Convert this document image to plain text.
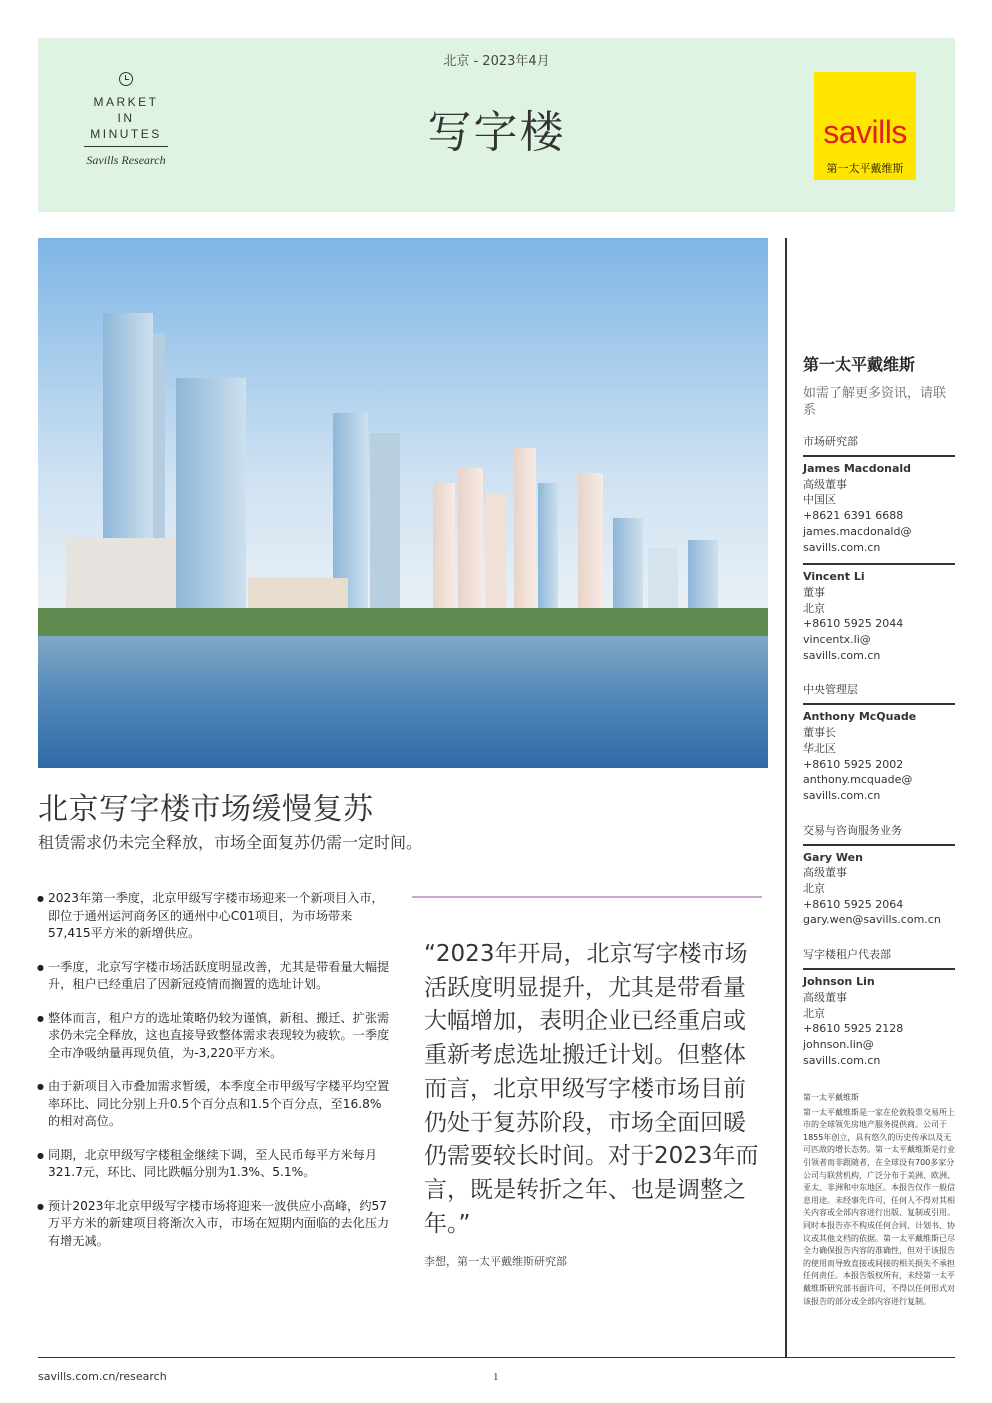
MARKET
IN
MINUTES
Savills Research
北京 - 2023年4月
写字楼	savills
第一太平戴维斯
北京写字楼市场缓慢复苏
租赁需求仍未完全释放，市场全面复苏仍需一定时间。
● 2023年第一季度，北京甲级写字楼市场迎来一个新项目入市，即位于通州运河商务区的通州中心C01项目，为市场带来57,415平方米的新增供应。
● 一季度，北京写字楼市场活跃度明显改善，尤其是带看量大幅提升，租户已经重启了因新冠疫情而搁置的选址计划。
● 整体而言，租户方的选址策略仍较为谨慎，新租、搬迁、扩张需求仍未完全释放，这也直接导致整体需求表现较为疲软。一季度全市净吸纳量再现负值，为-3,220平方米。
● 由于新项目入市叠加需求暂缓，本季度全市甲级写字楼平均空置率环比、同比分别上升0.5个百分点和1.5个百分点，至16.8%的相对高位。
● 同期，北京甲级写字楼租金继续下调，至人民币每平方米每月321.7元，环比、同比跌幅分别为1.3%、5.1%。
● 预计2023年北京甲级写字楼市场将迎来一波供应小高峰，约57万平方米的新建项目将渐次入市，市场在短期内面临的去化压力有增无减。
“2023年开局，北京写字楼市场活跃度明显提升，尤其是带看量大幅增加，表明企业已经重启或重新考虑选址搬迁计划。但整体而言，北京甲级写字楼市场目前仍处于复苏阶段，市场全面回暖仍需要较长时间。对于2023年而言，既是转折之年、也是调整之年。”
李想，第一太平戴维斯研究部
第一太平戴维斯
如需了解更多资讯，请联系
市场研究部
James Macdonald
高级董事
中国区
+8621 6391 6688
james.macdonald@
savills.com.cn
Vincent Li
董事
北京
+8610 5925 2044
vincentx.li@
savills.com.cn
中央管理层
Anthony McQuade
董事长
华北区
+8610 5925 2002
anthony.mcquade@
savills.com.cn
交易与咨询服务业务
Gary Wen
高级董事
北京
+8610 5925 2064
gary.wen@savills.com.cn
写字楼租户代表部
Johnson Lin
高级董事
北京
+8610 5925 2128
johnson.lin@
savills.com.cn
第一太平戴维斯
第一太平戴维斯是一家在伦敦股票交易所上市的全球领先房地产服务提供商。公司于1855年创立，具有悠久的历史传承以及无可匹敌的增长态势。第一太平戴维斯是行业引领者而非跟随者，在全球设有700多家分公司与联营机构，广泛分布于美洲、欧洲、亚太、非洲和中东地区。本报告仅作一般信息用途。未经事先许可，任何人不得对其相关内容或全部内容进行出版、复制或引用。同时本报告亦不构成任何合同、计划书、协议或其他文档的依据。第一太平戴维斯已尽全力确保报告内容的准确性，但对于该报告的使用而导致直接或间接的相关损失不承担任何责任。本报告版权所有，未经第一太平戴维斯研究部书面许可，不得以任何形式对该报告的部分或全部内容进行复制。
savills.com.cn/research	1
